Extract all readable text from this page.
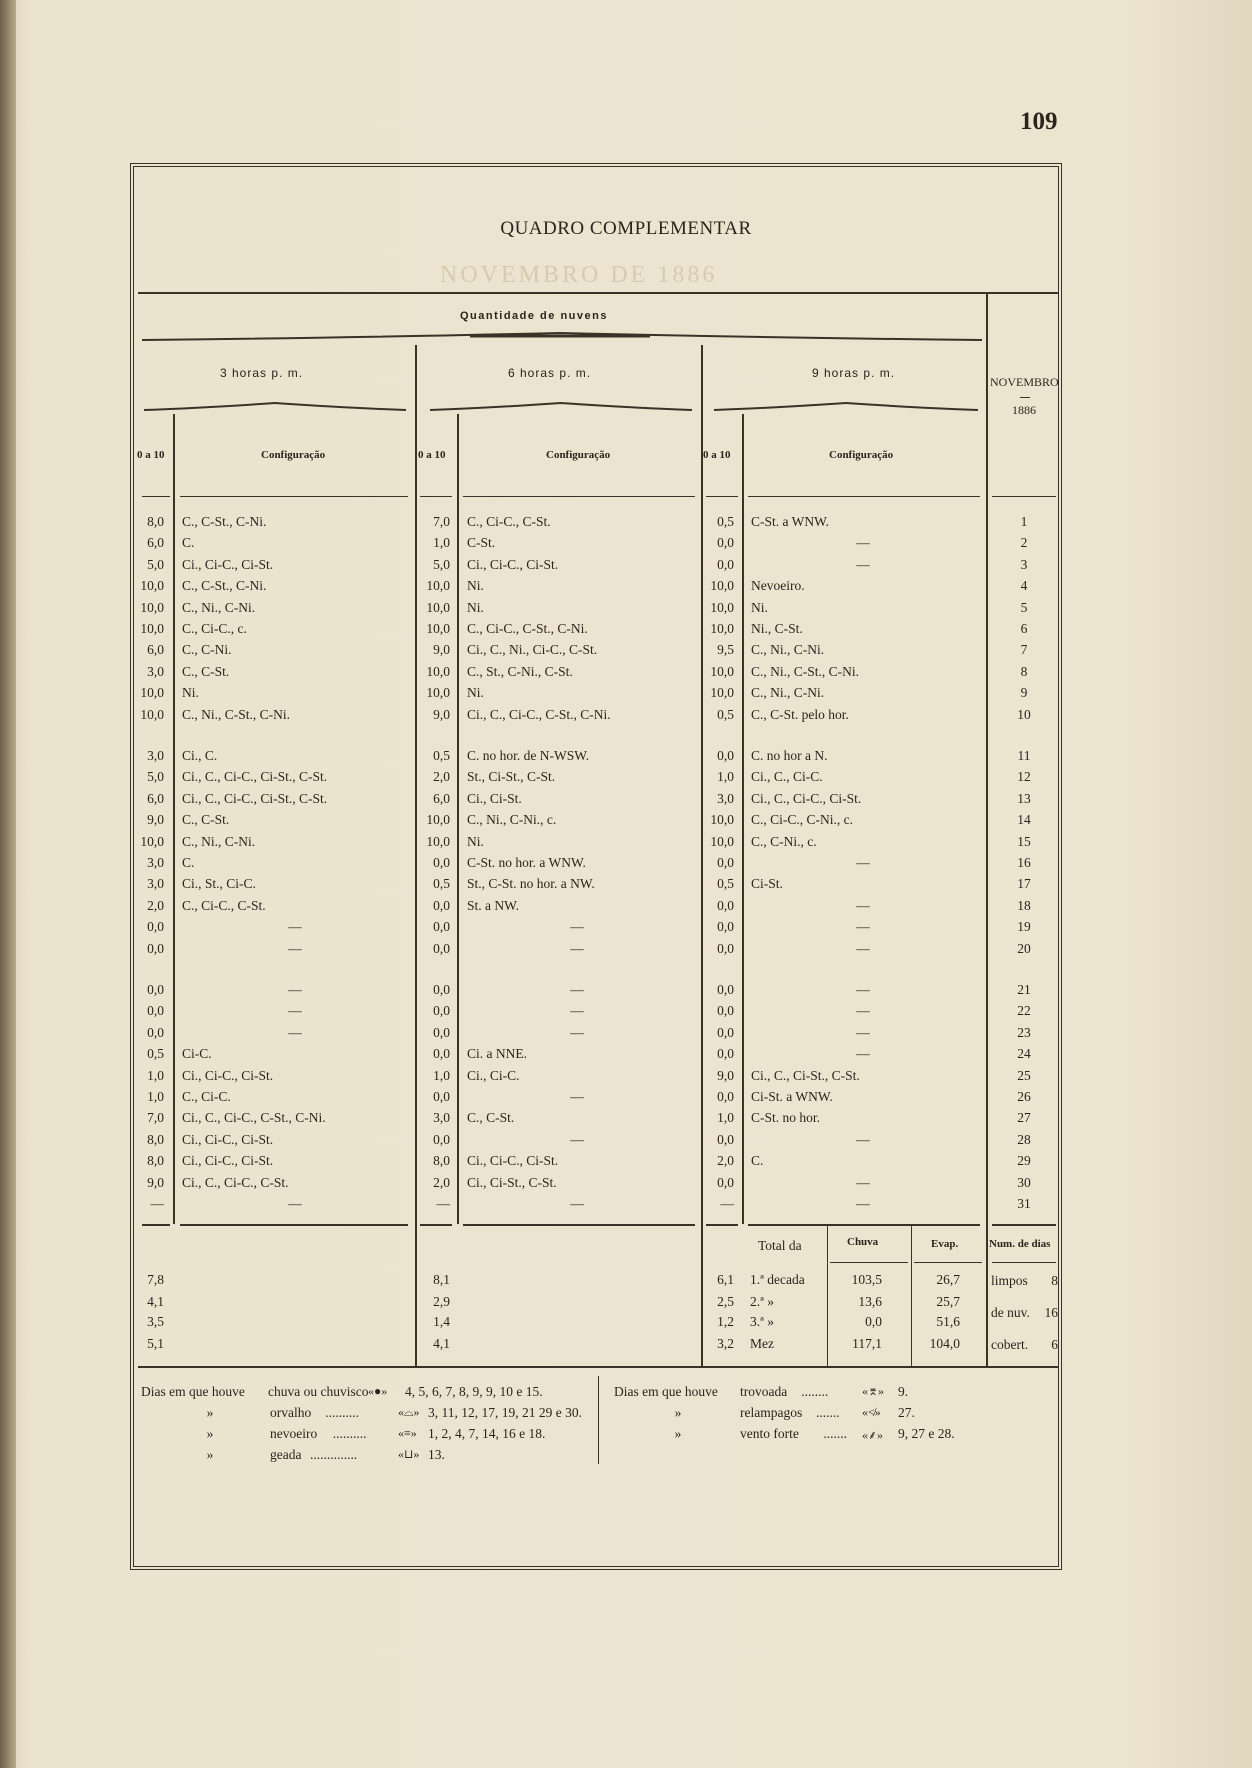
109
QUADRO COMPLEMENTAR
NOVEMBRO DE 1886
Quantidade de nuvens
3 horas p. m.	6 horas p. m.	9 horas p. m.
NOVEMBRO
1886
0 a 10	Configuração	0 a 10	Configuração	0 a 10	Configuração
8,0 C., C-St., C-Ni.	7,0 C., Ci-C., C-St.	0,5 C-St. a WNW.	1
6,0 C.	1,0 C-St.	0,0	—	2
5,0 Ci., Ci-C., Ci-St.	5,0 Ci., Ci-C., Ci-St.	0,0	—	3
10,0 C., C-St., C-Ni.	10,0 Ni.	10,0 Nevoeiro.	4
10,0 C., Ni., C-Ni.	10,0 Ni.	10,0 Ni.	5
10,0 C., Ci-C., c.	10,0 C., Ci-C., C-St., C-Ni.	10,0 Ni., C-St.	6
6,0 C., C-Ni.	9,0 Ci., C., Ni., Ci-C., C-St.	9,5 C., Ni., C-Ni.	7
3,0 C., C-St.	10,0 C., St., C-Ni., C-St.	10,0 C., Ni., C-St., C-Ni.	8
10,0 Ni.	10,0 Ni.	10,0 C., Ni., C-Ni.	9
10,0 C., Ni., C-St., C-Ni.	9,0 Ci., C., Ci-C., C-St., C-Ni.	0,5 C., C-St. pelo hor.	10
3,0 Ci., C.	0,5 C. no hor. de N-WSW.	0,0 C. no hor a N.	11
5,0 Ci., C., Ci-C., Ci-St., C-St.	2,0 St., Ci-St., C-St.	1,0 Ci., C., Ci-C.	12
6,0 Ci., C., Ci-C., Ci-St., C-St.	6,0 Ci., Ci-St.	3,0 Ci., C., Ci-C., Ci-St.	13
9,0 C., C-St.	10,0 C., Ni., C-Ni., c.	10,0 C., Ci-C., C-Ni., c.	14
10,0 C., Ni., C-Ni.	10,0 Ni.	10,0 C., C-Ni., c.	15
3,0 C.	0,0 C-St. no hor. a WNW.	0,0	—	16
3,0 Ci., St., Ci-C.	0,5 St., C-St. no hor. a NW.	0,5 Ci-St.	17
2,0 C., Ci-C., C-St.	0,0 St. a NW.	0,0	—	18
0,0	—	0,0	—	0,0	—	19
0,0	—	0,0	—	0,0	—	20
0,0	—	0,0	—	0,0	—	21
0,0	—	0,0	—	0,0	—	22
0,0	—	0,0	—	0,0	—	23
0,5 Ci-C.	0,0 Ci. a NNE.	0,0	—	24
1,0 Ci., Ci-C., Ci-St.	1,0 Ci., Ci-C.	9,0 Ci., C., Ci-St., C-St.	25
1,0 C., Ci-C.	0,0	—	0,0 Ci-St. a WNW.	26
7,0 Ci., C., Ci-C., C-St., C-Ni.	3,0 C., C-St.	1,0 C-St. no hor.	27
8,0 Ci., Ci-C., Ci-St.	0,0	—	0,0	—	28
8,0 Ci., Ci-C., Ci-St.	8,0 Ci., Ci-C., Ci-St.	2,0 C.	29
9,0 Ci., C., Ci-C., C-St.	2,0 Ci., Ci-St., C-St.	0,0	—	30
—	—	—	—	—	—	31
Total da	Chuva	Evap.	Num. de dias
7,8	8,1	6,1 1.ª decada	103,5	26,7
4,1	2,9	2,5 2.ª »	13,6	25,7
3,5	1,4	1,2 3.ª »	0,0	51,6
5,1	4,1	3,2 Mez	117,1	104,0
limpos	8
de nuv.	16
cobert.	6
Dias em que houve chuva ou chuvisco «●» 4, 5, 6, 7, 8, 9, 9, 10 e 15.
»	orvalho ..........	«⌓» 3, 11, 12, 17, 19, 21 29 e 30.
»	nevoeiro ..........	«≡» 1, 2, 4, 7, 14, 16 e 18.
»	geada ..............	«⊔» 13.
Dias em que houve trovoada ........	«⌆» 9.
»	relampagos ....... «≮» 27.
»	vento forte ....... «⸙» 9, 27 e 28.
